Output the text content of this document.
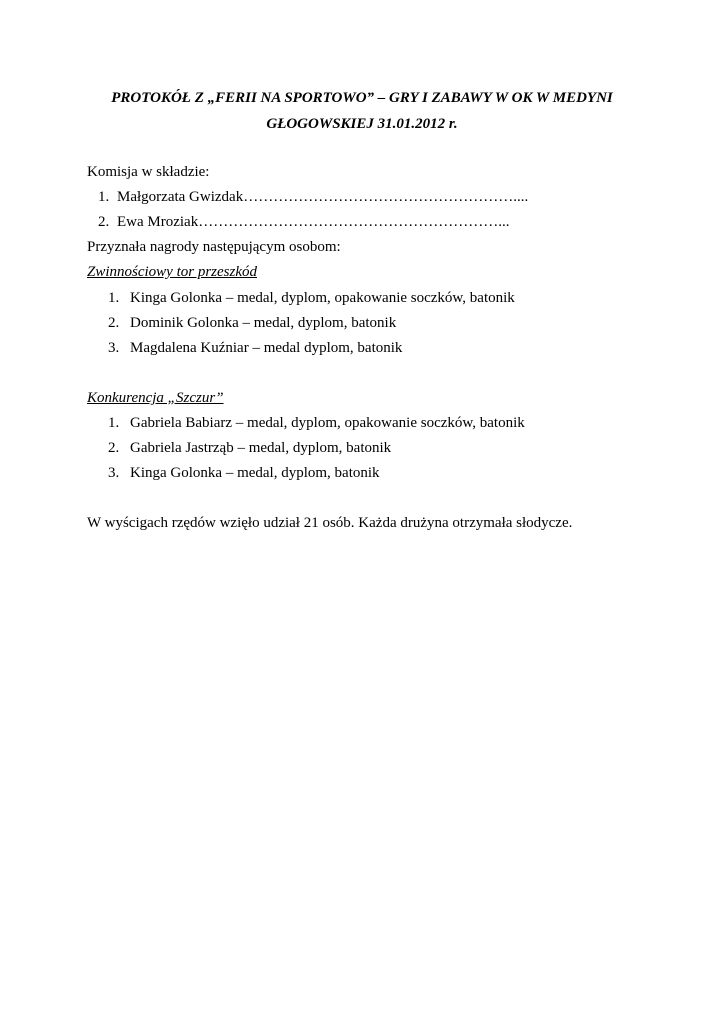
PROTOKÓŁ Z „FERII NA SPORTOWO” – GRY I ZABAWY W OK W MEDYNI
GŁOGOWSKIEJ 31.01.2012 r.
Komisja w składzie:
1. Małgorzata Gwizdak………………………………………………....
2. Ewa Mroziak……………………………………………………...
Przyznała nagrody następującym osobom:
Zwinnościowy tor przeszkód
1. Kinga Golonka – medal, dyplom, opakowanie soczków, batonik
2. Dominik Golonka – medal, dyplom, batonik
3. Magdalena Kuźniar – medal dyplom, batonik
Konkurencja „Szczur”
1. Gabriela Babiarz – medal, dyplom, opakowanie soczków, batonik
2. Gabriela Jastrząb – medal, dyplom, batonik
3. Kinga Golonka – medal, dyplom, batonik
W wyścigach rzędów wzięło udział 21 osób. Każda drużyna otrzymała słodycze.
